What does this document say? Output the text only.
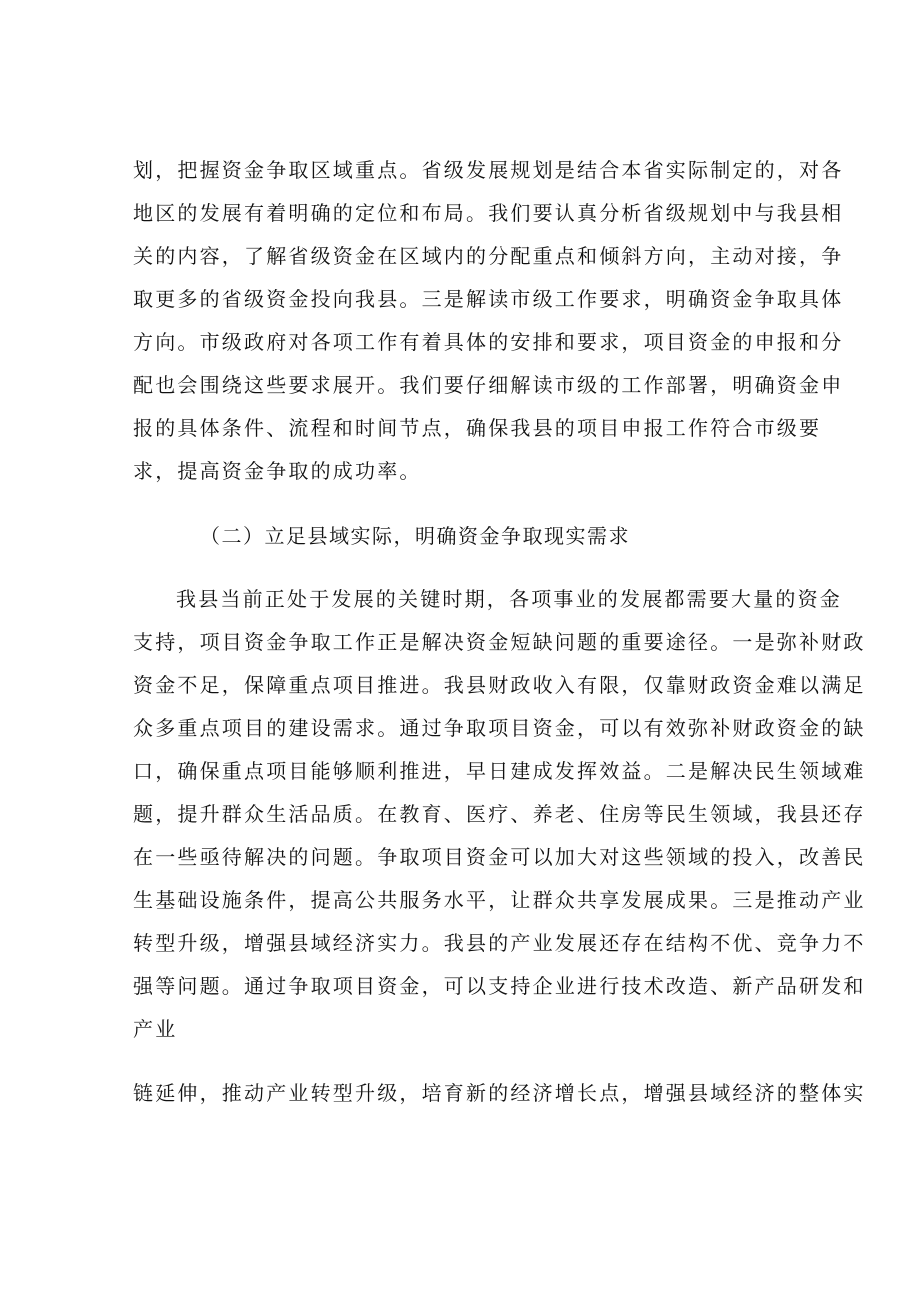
划，把握资金争取区域重点。省级发展规划是结合本省实际制定的，对各
地区的发展有着明确的定位和布局。我们要认真分析省级规划中与我县相
关的内容，了解省级资金在区域内的分配重点和倾斜方向，主动对接，争
取更多的省级资金投向我县。三是解读市级工作要求，明确资金争取具体
方向。市级政府对各项工作有着具体的安排和要求，项目资金的申报和分
配也会围绕这些要求展开。我们要仔细解读市级的工作部署，明确资金申
报的具体条件、流程和时间节点，确保我县的项目申报工作符合市级要
求，提高资金争取的成功率。
（二）立足县域实际，明确资金争取现实需求
我县当前正处于发展的关键时期，各项事业的发展都需要大量的资金
支持，项目资金争取工作正是解决资金短缺问题的重要途径。一是弥补财政
资金不足，保障重点项目推进。我县财政收入有限，仅靠财政资金难以满足
众多重点项目的建设需求。通过争取项目资金，可以有效弥补财政资金的缺
口，确保重点项目能够顺利推进，早日建成发挥效益。二是解决民生领域难
题，提升群众生活品质。在教育、医疗、养老、住房等民生领域，我县还存
在一些亟待解决的问题。争取项目资金可以加大对这些领域的投入，改善民
生基础设施条件，提高公共服务水平，让群众共享发展成果。三是推动产业
转型升级，增强县域经济实力。我县的产业发展还存在结构不优、竞争力不
强等问题。通过争取项目资金，可以支持企业进行技术改造、新产品研发和
产业
链延伸，推动产业转型升级，培育新的经济增长点，增强县域经济的整体实
